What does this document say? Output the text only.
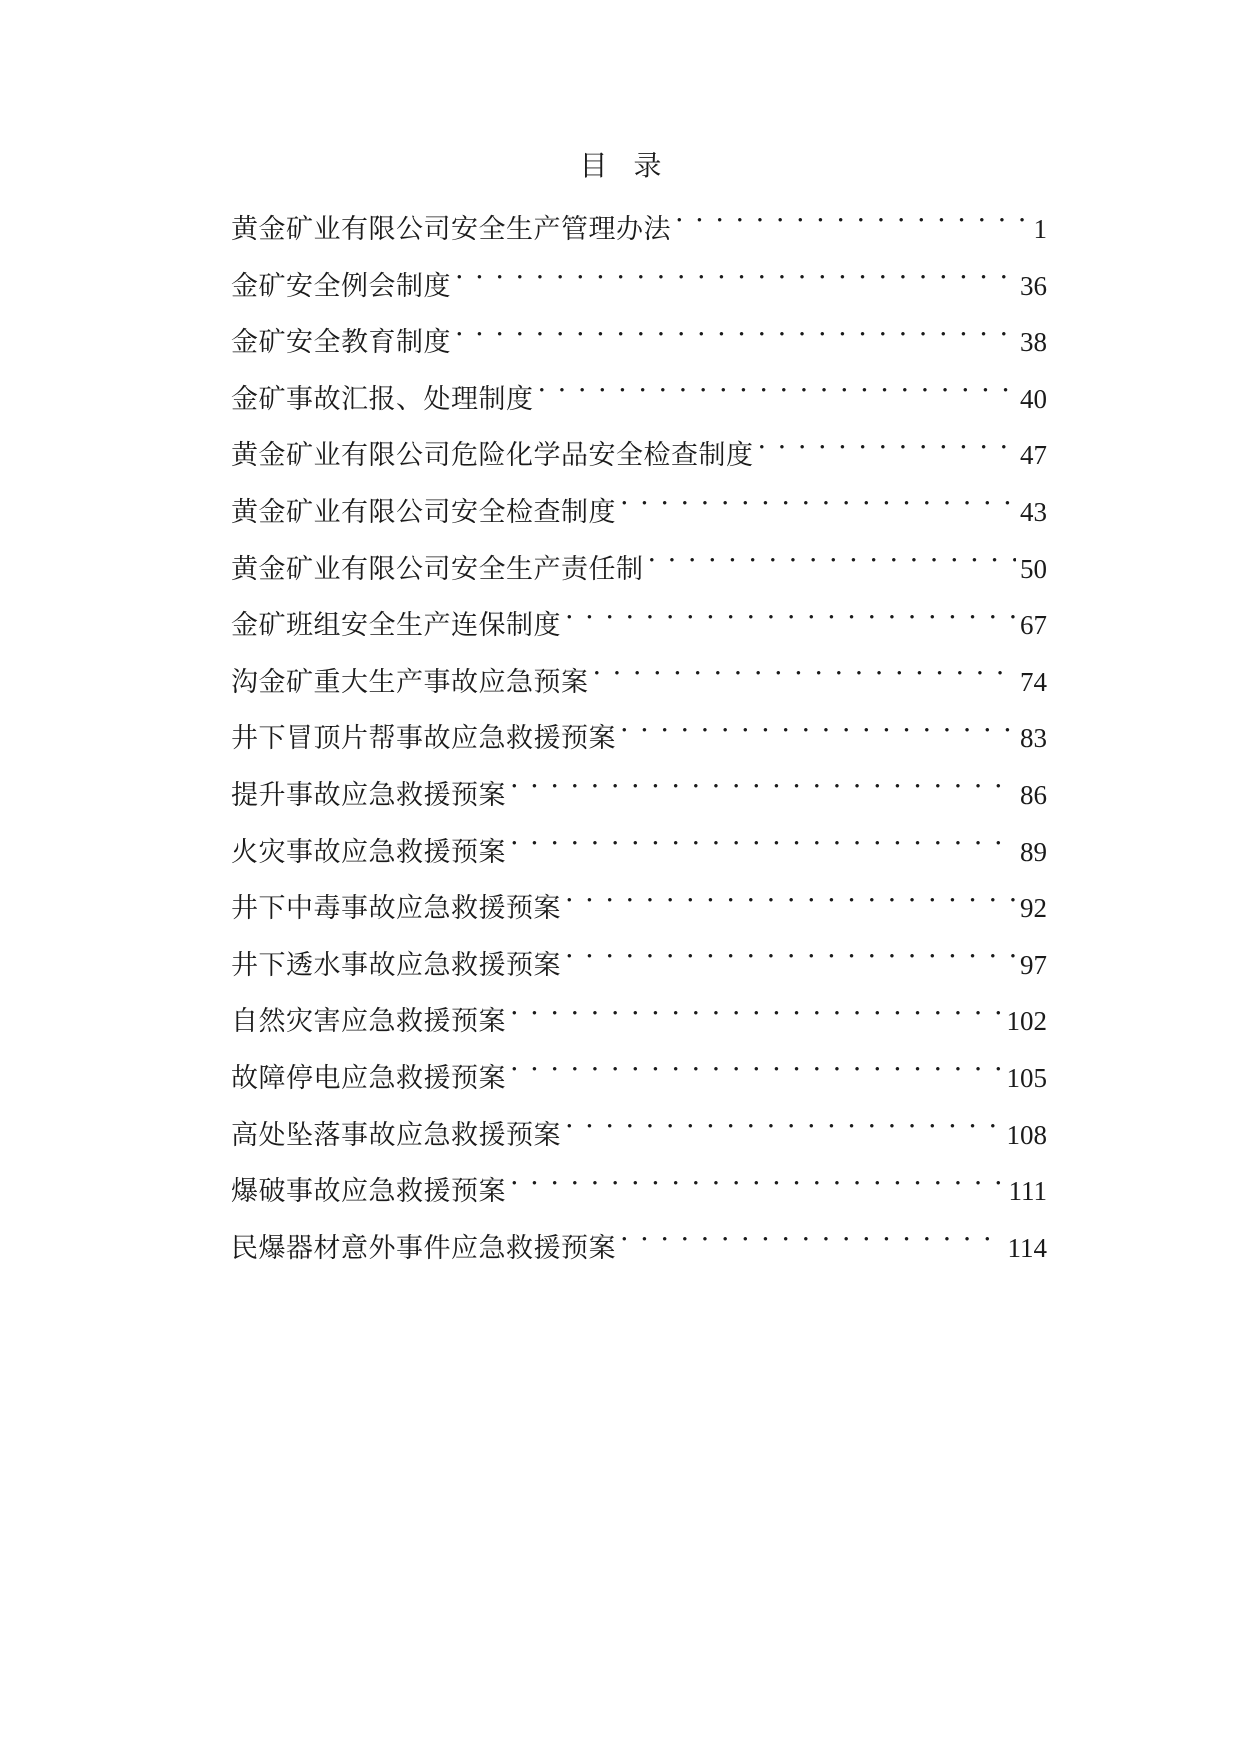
目录
黄金矿业有限公司安全生产管理办法 . . .	1
金矿安全例会制度 . . .	36
金矿安全教育制度 . . .	38
金矿事故汇报、处理制度 . . .	40
黄金矿业有限公司危险化学品安全检查制度 . . .	47
黄金矿业有限公司安全检查制度 . . .	43
黄金矿业有限公司安全生产责任制 . . .	50
金矿班组安全生产连保制度 . . .	67
沟金矿重大生产事故应急预案 . . .	74
井下冒顶片帮事故应急救援预案 . . .	83
提升事故应急救援预案 . . .	86
火灾事故应急救援预案 . . .	89
井下中毒事故应急救援预案 . . .	92
井下透水事故应急救援预案 . . .	97
自然灾害应急救援预案 . . .	102
故障停电应急救援预案 . . .	105
高处坠落事故应急救援预案 . . .	108
爆破事故应急救援预案 . . .	111
民爆器材意外事件应急救援预案 . . .	114
